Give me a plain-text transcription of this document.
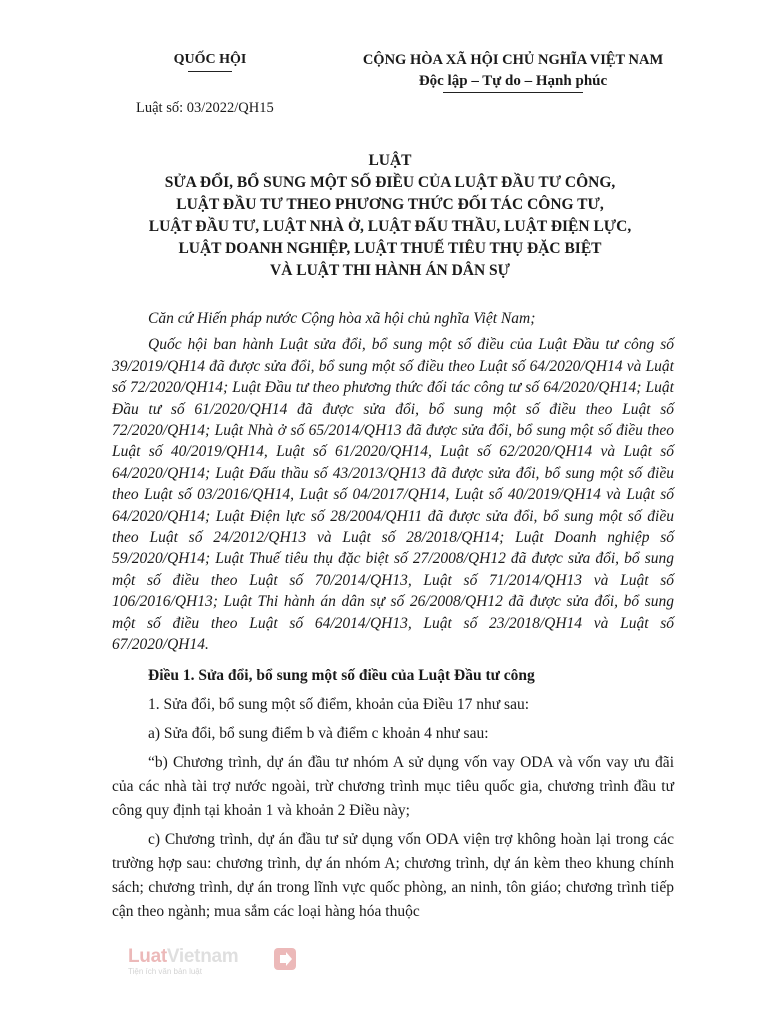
QUỐC HỘI	CỘNG HÒA XÃ HỘI CHỦ NGHĨA VIỆT NAM
Độc lập – Tự do – Hạnh phúc
Luật số: 03/2022/QH15
LUẬT
SỬA ĐỔI, BỔ SUNG MỘT SỐ ĐIỀU CỦA LUẬT ĐẦU TƯ CÔNG,
LUẬT ĐẦU TƯ THEO PHƯƠNG THỨC ĐỐI TÁC CÔNG TƯ,
LUẬT ĐẦU TƯ, LUẬT NHÀ Ở, LUẬT ĐẤU THẦU, LUẬT ĐIỆN LỰC,
LUẬT DOANH NGHIỆP, LUẬT THUẾ TIÊU THỤ ĐẶC BIỆT
VÀ LUẬT THI HÀNH ÁN DÂN SỰ

Căn cứ Hiến pháp nước Cộng hòa xã hội chủ nghĩa Việt Nam;

Quốc hội ban hành Luật sửa đổi, bổ sung một số điều của Luật Đầu tư công số 39/2019/QH14 đã được sửa đổi, bổ sung một số điều theo Luật số 64/2020/QH14 và Luật số 72/2020/QH14; Luật Đầu tư theo phương thức đối tác công tư số 64/2020/QH14; Luật Đầu tư số 61/2020/QH14 đã được sửa đổi, bổ sung một số điều theo Luật số 72/2020/QH14; Luật Nhà ở số 65/2014/QH13 đã được sửa đổi, bổ sung một số điều theo Luật số 40/2019/QH14, Luật số 61/2020/QH14, Luật số 62/2020/QH14 và Luật số 64/2020/QH14; Luật Đấu thầu số 43/2013/QH13 đã được sửa đổi, bổ sung một số điều theo Luật số 03/2016/QH14, Luật số 04/2017/QH14, Luật số 40/2019/QH14 và Luật số 64/2020/QH14; Luật Điện lực số 28/2004/QH11 đã được sửa đổi, bổ sung một số điều theo Luật số 24/2012/QH13 và Luật số 28/2018/QH14; Luật Doanh nghiệp số 59/2020/QH14; Luật Thuế tiêu thụ đặc biệt số 27/2008/QH12 đã được sửa đổi, bổ sung một số điều theo Luật số 70/2014/QH13, Luật số 71/2014/QH13 và Luật số 106/2016/QH13; Luật Thi hành án dân sự số 26/2008/QH12 đã được sửa đổi, bổ sung một số điều theo Luật số 64/2014/QH13, Luật số 23/2018/QH14 và Luật số 67/2020/QH14.

Điều 1. Sửa đổi, bổ sung một số điều của Luật Đầu tư công

1. Sửa đổi, bổ sung một số điểm, khoản của Điều 17 như sau:

a) Sửa đổi, bổ sung điểm b và điểm c khoản 4 như sau:

“b) Chương trình, dự án đầu tư nhóm A sử dụng vốn vay ODA và vốn vay ưu đãi của các nhà tài trợ nước ngoài, trừ chương trình mục tiêu quốc gia, chương trình đầu tư công quy định tại khoản 1 và khoản 2 Điều này;

c) Chương trình, dự án đầu tư sử dụng vốn ODA viện trợ không hoàn lại trong các trường hợp sau: chương trình, dự án nhóm A; chương trình, dự án kèm theo khung chính sách; chương trình, dự án trong lĩnh vực quốc phòng, an ninh, tôn giáo; chương trình tiếp cận theo ngành; mua sắm các loại hàng hóa thuộc

LuatVietnam
Tiện ích văn bản luật
